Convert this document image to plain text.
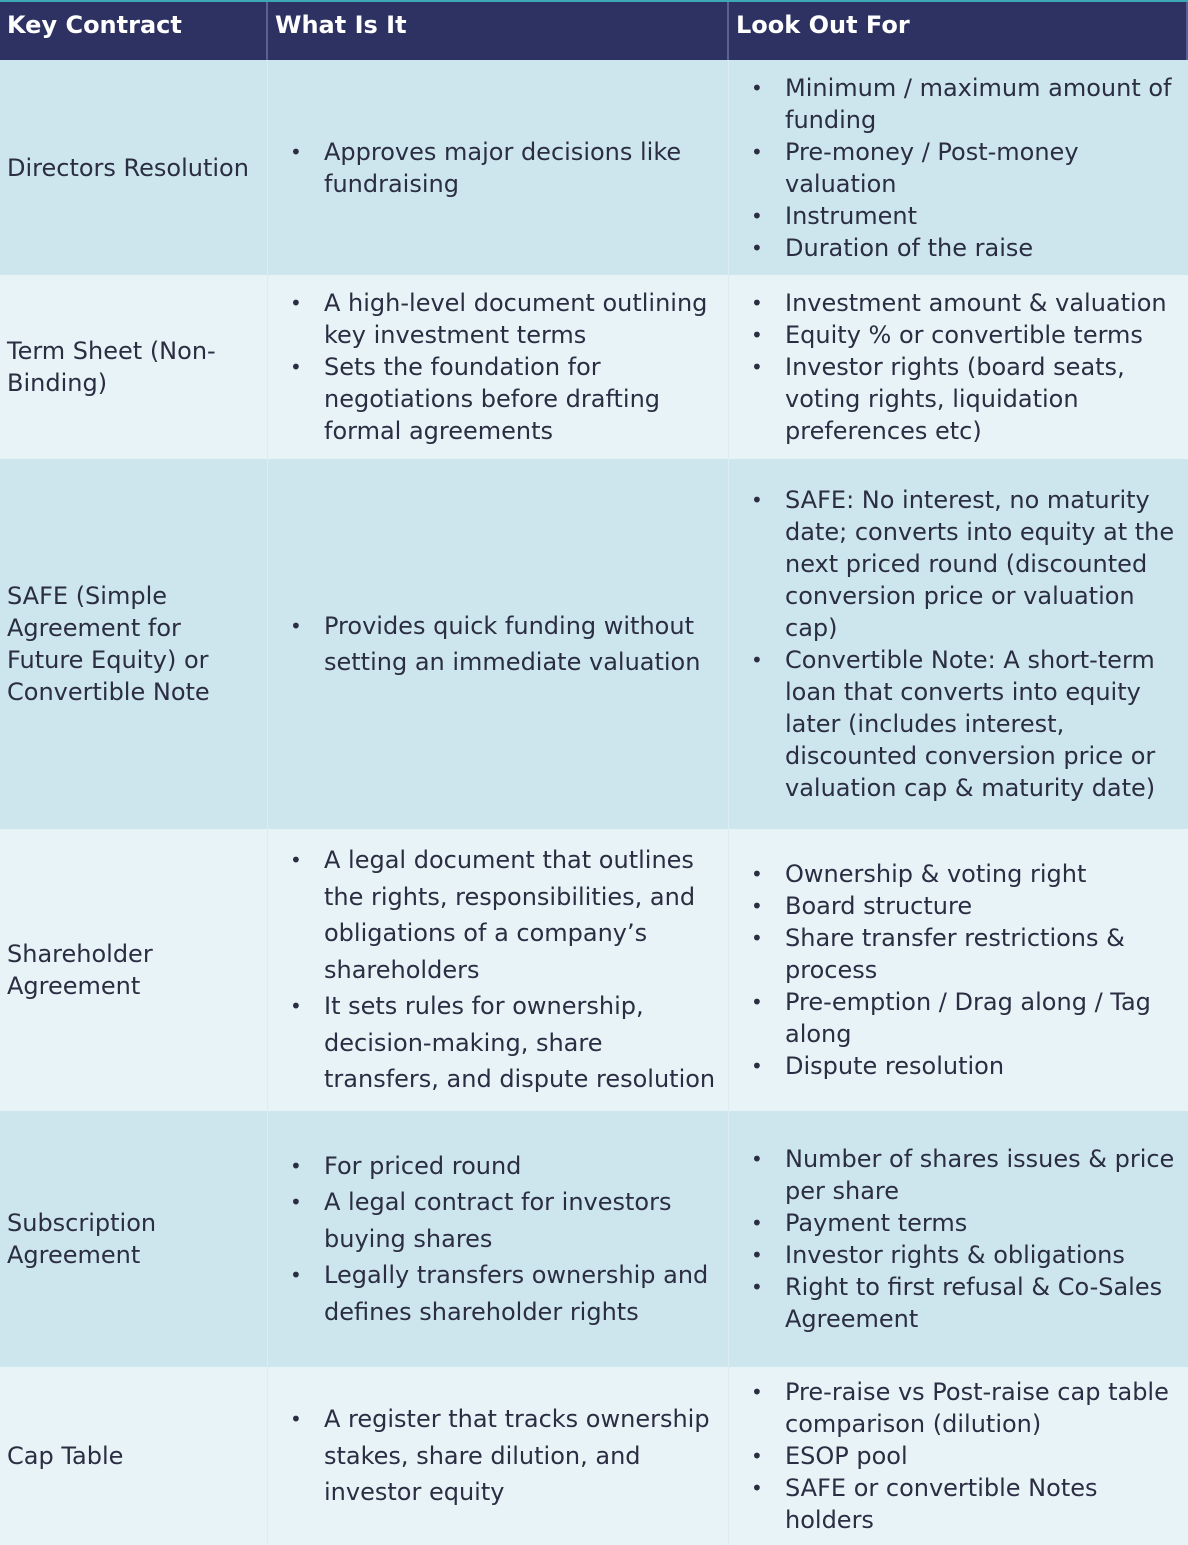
Key Contract	What Is It	Look Out For
Directors Resolution
• Approves major decisions like fundraising
• Minimum / maximum amount of funding
• Pre-money / Post-money valuation
• Instrument
• Duration of the raise
Term Sheet (Non-Binding)
• A high-level document outlining key investment terms
• Sets the foundation for negotiations before drafting formal agreements
• Investment amount & valuation
• Equity % or convertible terms
• Investor rights (board seats, voting rights, liquidation preferences etc)
SAFE (Simple Agreement for Future Equity) or Convertible Note
• Provides quick funding without setting an immediate valuation
• SAFE: No interest, no maturity date; converts into equity at the next priced round (discounted conversion price or valuation cap)
• Convertible Note: A short-term loan that converts into equity later (includes interest, discounted conversion price or valuation cap & maturity date)
Shareholder Agreement
• A legal document that outlines the rights, responsibilities, and obligations of a company’s shareholders
• It sets rules for ownership, decision-making, share transfers, and dispute resolution
• Ownership & voting right
• Board structure
• Share transfer restrictions & process
• Pre-emption / Drag along / Tag along
• Dispute resolution
Subscription Agreement
• For priced round
• A legal contract for investors buying shares
• Legally transfers ownership and defines shareholder rights
• Number of shares issues & price per share
• Payment terms
• Investor rights & obligations
• Right to first refusal & Co-Sales Agreement
Cap Table
• A register that tracks ownership stakes, share dilution, and investor equity
• Pre-raise vs Post-raise cap table comparison (dilution)
• ESOP pool
• SAFE or convertible Notes holders
